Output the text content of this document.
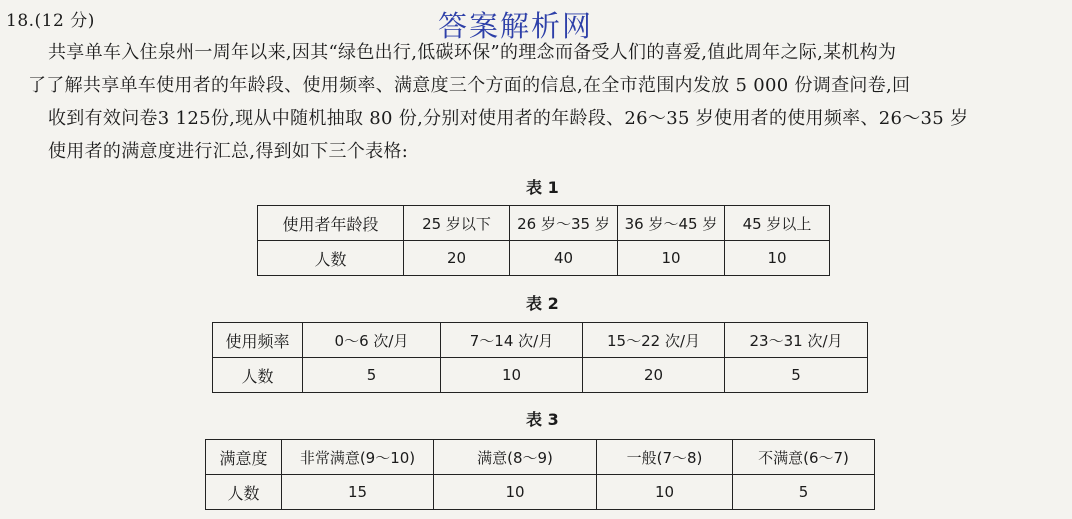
18.(12 分)	答案解析网
共享单车入住泉州一周年以来,因其“绿色出行,低碳环保”的理念而备受人们的喜爱,值此周年之际,某机构为
了了解共享单车使用者的年龄段、使用频率、满意度三个方面的信息,在全市范围内发放 5 000 份调查问卷,回
收到有效问卷3 125份,现从中随机抽取 80 份,分别对使用者的年龄段、26～35 岁使用者的使用频率、26～35 岁
使用者的满意度进行汇总,得到如下三个表格:
表 1
使用者年龄段	25 岁以下	26 岁～35 岁	36 岁～45 岁	45 岁以上
人数	20	40	10	10
表 2
使用频率	0～6 次/月	7～14 次/月	15～22 次/月	23～31 次/月
人数	5	10	20	5
表 3
满意度	非常满意(9～10)	满意(8～9)	一般(7～8)	不满意(6～7)
人数	15	10	10	5
